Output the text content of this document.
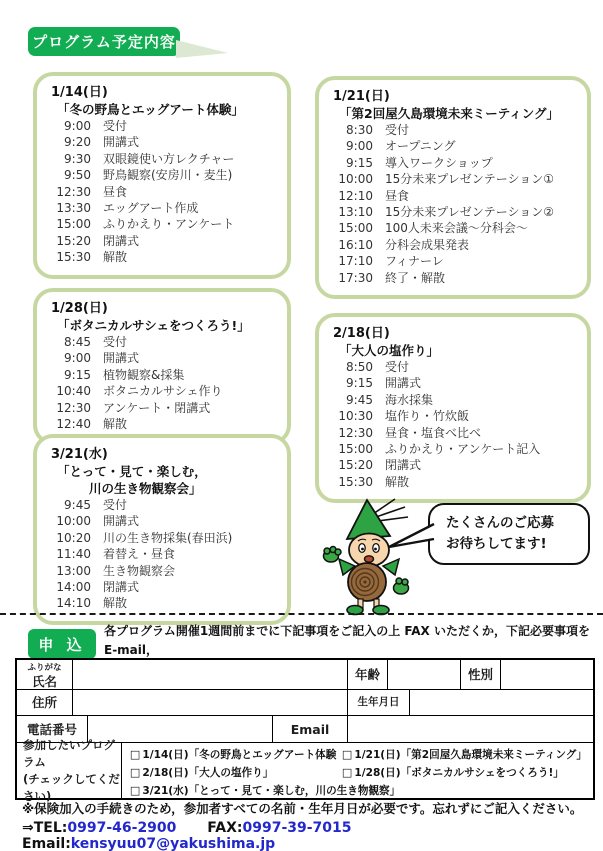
プログラム予定内容
1/14(日)
「冬の野鳥とエッグアート体験」
9:00 受付
9:20 開講式
9:30 双眼鏡使い方レクチャー
9:50 野鳥観察(安房川・麦生)
12:30 昼食
13:30 エッグアート作成
15:00 ふりかえり・アンケート
15:20 閉講式
15:30 解散
1/21(日)
「第2回屋久島環境未来ミーティング」
8:30 受付
9:00 オープニング
9:15 導入ワークショップ
10:00 15分未来プレゼンテーション①
12:10 昼食
13:10 15分未来プレゼンテーション②
15:00 100人未来会議〜分科会〜
16:10 分科会成果発表
17:10 フィナーレ
17:30 終了・解散
1/28(日)
「ボタニカルサシェをつくろう!」
8:45 受付
9:00 開講式
9:15 植物観察&採集
10:40 ボタニカルサシェ作り
12:30 アンケート・閉講式
12:40 解散
2/18(日)
「大人の塩作り」
8:50 受付
9:15 開講式
9:45 海水採集
10:30 塩作り・竹炊飯
12:30 昼食・塩食べ比べ
15:00 ふりかえり・アンケート記入
15:20 閉講式
15:30 解散
3/21(水)
「とって・見て・楽しむ，
川の生き物観察会」
9:45 受付
10:00 開講式
10:20 川の生き物採集(春田浜)
11:40 着替え・昼食
13:00 生き物観察会
14:00 閉講式
14:10 解散
たくさんのご応募
お待ちしてます!
申 込
各プログラム開催1週間前までに下記事項をご記入の上 FAX いただくか，下記必要事項を E-mail，
ふりがな
氏名	年齢	性別
住所	生年月日
電話番号	Email
参加したいプログラム
(チェックしてください)
□ 1/14(日)「冬の野鳥とエッグアート体験 □ 1/21(日)「第2回屋久島環境未来ミーティング」
□ 2/18(日)「大人の塩作り」	□ 1/28(日)「ボタニカルサシェをつくろう!」
□ 3/21(水)「とって・見て・楽しむ，川の生き物観察」
※保険加入の手続きのため，参加者すべての名前・生年月日が必要です。忘れずにご記入ください。
⇒TEL:0997-46-2900 FAX:0997-39-7015 Email:kensyuu07@yakushima.jp
